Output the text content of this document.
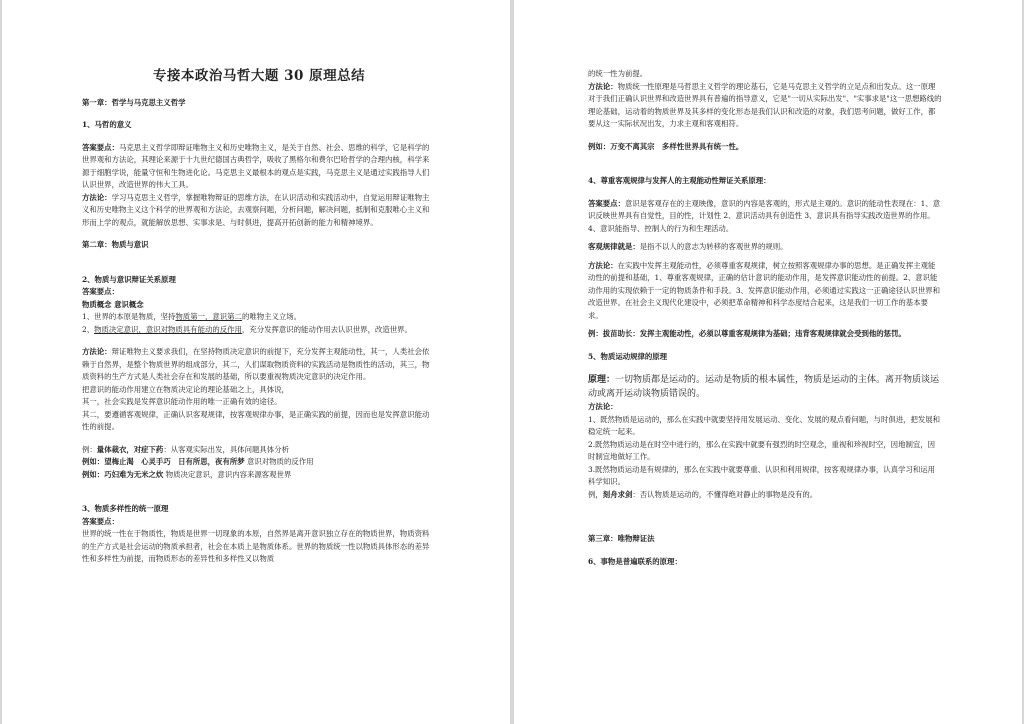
专接本政治马哲大题 30 原理总结

第一章：哲学与马克思主义哲学

1、马哲的意义

答案要点：马克思主义哲学即辩证唯物主义和历史唯物主义，是关于自然、社会、思维的科学，它是科学的世界观和方法论，其理论来源于十九世纪德国古典哲学，吸收了黑格尔和费尔巴哈哲学的合理内核，科学来源于细胞学说，能量守恒和生物进化论。马克思主义最根本的观点是实践，马克思主义是通过实践指导人们认识世界，改造世界的伟大工具。

方法论：学习马克思主义哲学，掌握唯物辩证的思维方法，在认识活动和实践活动中，自觉运用辩证唯物主义和历史唯物主义这个科学的世界观和方法论，去观察问题，分析问题，解决问题，抵制和克服唯心主义和形而上学的观点，就能解放思想、实事求是、与时俱进，提高开拓创新的能力和精神境界。

第二章：物质与意识

2、物质与意识辩证关系原理

答案要点：

物质概念 意识概念

1、世界的本原是物质，坚持物质第一，意识第二的唯物主义立场。

2、物质决定意识，意识对物质具有能动的反作用，充分发挥意识的能动作用去认识世界，改造世界。

方法论：辩证唯物主义要求我们，在坚持物质决定意识的前提下，充分发挥主观能动性，其一，人类社会依赖于自然界，是整个物质世界的组成部分，其二，人们谋取物质资料的实践活动是物质性的活动，其三，物质资料的生产方式是人类社会存在和发展的基础，所以要重视物质决定意识的决定作用。

把意识的能动作用建立在物质决定论的理论基础之上，具体说，

其一，社会实践是发挥意识能动作用的唯一正确有效的途径。

其二，要遵循客观规律，正确认识客观规律，按客观规律办事，是正确实践的前提，因而也是发挥意识能动性的前提。

例：量体裁衣，对症下药：从客观实际出发，具体问题具体分析

例如：望梅止渴　心灵手巧　日有所思，夜有所梦 意识对物质的反作用

例如：巧妇难为无米之炊 物质决定意识，意识内容来源客观世界

3、物质多样性的统一原理

答案要点：

世界的统一性在于物质性，物质是世界一切现象的本原，自然界是离开意识独立存在的物质世界，物质资料的生产方式是社会运动的物质承担者，社会在本质上是物质体系。世界的物质统一性以物质具体形态的差异性和多样性为前提，而物质形态的差异性和多样性又以物质

的统一性为前提。

方法论：物质统一性原理是马哲思主义哲学的理论基石，它是马克思主义哲学的立足点和出发点。这一原理对于我们正确认识世界和改造世界具有普遍的指导意义，它是"一切从实际出发"、"实事求是"这一思想路线的理论基础，运动着的物质世界及其多样的变化形态是我们认识和改造的对象，我们思考问题，做好工作，都要从这一实际状况出发，力求主观和客观相符。

例如：万变不离其宗　多样性世界具有统一性。

4、尊重客观规律与发挥人的主观能动性辩证关系原理：

答案要点：意识是客观存在的主观映像，意识的内容是客观的，形式是主观的。意识的能动性表现在：1、意识反映世界具有自觉性，目的性，计划性 2、意识活动具有创造性 3、意识具有指导实践改造世界的作用。4、意识能指导、控制人的行为和生理活动。

客观规律就是：是指不以人的意志为转移的客观世界的规则。

方法论：在实践中发挥主观能动性，必须尊重客观规律，树立按照客观规律办事的思想。是正确发挥主观能动性的前提和基础，1、尊重客观规律，正确的估计意识的能动作用，是发挥意识能动性的前提。2、意识能动作用的实现依赖于一定的物质条件和手段。3、发挥意识能动作用，必须通过实践这一正确途径认识世界和改造世界。在社会主义现代化建设中，必须把革命精神和科学态度结合起来，这是我们一切工作的基本要求。

例：拔苗助长：发挥主观能动性，必须以尊重客观规律为基础；违背客观规律就会受到他的惩罚。

5、物质运动规律的原理

原理：一切物质都是运动的。运动是物质的根本属性，物质是运动的主体。离开物质谈运动或离开运动谈物质错误的。

方法论：

1、既然物质是运动的，那么在实践中就要坚持用发展运动、变化、发展的观点看问题，与时俱进，把发展和稳定统一起来。

2.既然物质运动是在时空中进行的，那么在实践中就要有强烈的时空观念，重视和珍视时空，因地制宜，因时制宜地做好工作。

3.既然物质运动是有规律的，那么在实践中就要尊重、认识和利用规律，按客观规律办事，认真学习和运用科学知识。

例，刻舟求剑：否认物质是运动的，不懂得绝对静止的事物是没有的。

第三章：唯物辩证法

6、事物是普遍联系的原理：
